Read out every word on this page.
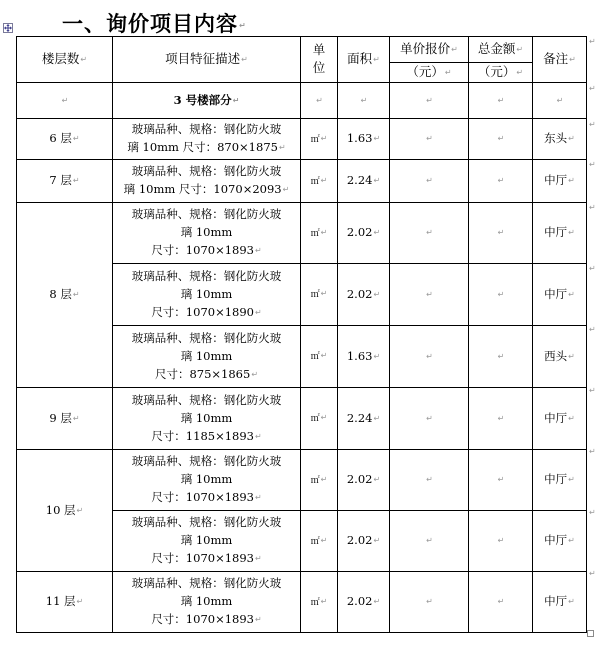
一、询价项目内容↵
楼层数↵	项目特征描述↵	单
位	面积↵	单价报价↵	总金额↵	备注↵
				（元）↵	（元）↵	
↵	3 号楼部分↵	↵	↵	↵	↵	↵
6 层↵	玻璃品种、规格：钢化防火玻
璃 10mm 尺寸：870×1875↵	㎡↵	1.63↵	↵	↵	东头↵
7 层↵	玻璃品种、规格：钢化防火玻
璃 10mm 尺寸：1070×2093↵	㎡↵	2.24↵	↵	↵	中厅↵
8 层↵	玻璃品种、规格：钢化防火玻
璃 10mm
尺寸：1070×1893↵	㎡↵	2.02↵	↵	↵	中厅↵

	玻璃品种、规格：钢化防火玻
璃 10mm
尺寸：1070×1890↵	㎡↵	2.02↵	↵	↵	中厅↵

	玻璃品种、规格：钢化防火玻
璃 10mm
尺寸：875×1865↵	㎡↵	1.63↵	↵	↵	西头↵
9 层↵	玻璃品种、规格：钢化防火玻
璃 10mm
尺寸：1185×1893↵	㎡↵	2.24↵	↵	↵	中厅↵
10 层↵	玻璃品种、规格：钢化防火玻
璃 10mm
尺寸：1070×1893↵	㎡↵	2.02↵	↵	↵	中厅↵

	玻璃品种、规格：钢化防火玻
璃 10mm
尺寸：1070×1893↵	㎡↵	2.02↵	↵	↵	中厅↵
11 层↵	玻璃品种、规格：钢化防火玻
璃 10mm
尺寸：1070×1893↵	㎡↵	2.02↵	↵	↵	中厅↵
↵
↵
↵
↵
↵
↵
↵
↵
↵
↵
↵
